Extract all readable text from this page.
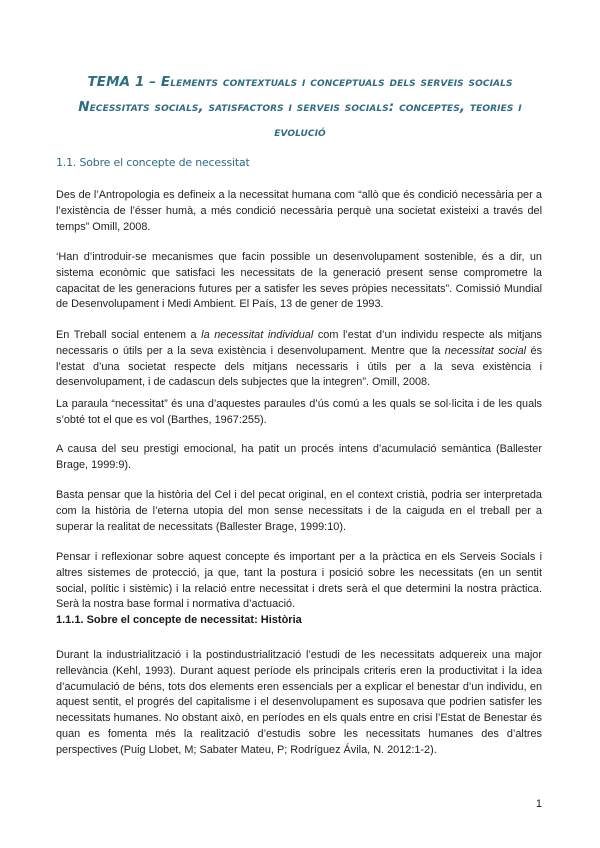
TEMA 1 – Elements contextuals i conceptuals dels serveis socials
Necessitats socials, satisfactors i serveis socials: conceptes, teories i evolució
1.1. Sobre el concepte de necessitat

Des de l’Antropologia es defineix a la necessitat humana com “allò que és condició necessària per a l’existència de l’ésser humà, a més condició necessària perquè una societat existeixi a través del temps” Omill, 2008.

‘Han d’introduir-se mecanismes que facin possible un desenvolupament sostenible, és a dir, un sistema econòmic que satisfaci les necessitats de la generació present sense comprometre la capacitat de les generacions futures per a satisfer les seves pròpies necessitats”. Comissió Mundial de Desenvolupament i Medi Ambient. El País, 13 de gener de 1993.

En Treball social entenem a la necessitat individual com l’estat d’un individu respecte als mitjans necessaris o útils per a la seva existència i desenvolupament. Mentre que la necessitat social és l’estat d’una societat respecte dels mitjans necessaris i útils per a la seva existència i desenvolupament, i de cadascun dels subjectes que la integren”. Omill, 2008.

La paraula “necessitat” és una d’aquestes paraules d’ús comú a les quals se sol·licita i de les quals s’obté tot el que es vol (Barthes, 1967:255).

A causa del seu prestigi emocional, ha patit un procés intens d’acumulació semàntica (Ballester Brage, 1999:9).

Basta pensar que la història del Cel i del pecat original, en el context cristià, podria ser interpretada com la història de l’eterna utopia del mon sense necessitats i de la caiguda en el treball per a superar la realitat de necessitats (Ballester Brage, 1999:10).

Pensar i reflexionar sobre aquest concepte és important per a la pràctica en els Serveis Socials i altres sistemes de protecció, ja que, tant la postura i posició sobre les necessitats (en un sentit social, polític i sistèmic) i la relació entre necessitat i drets serà el que determini la nostra pràctica. Serà la nostra base formal i normativa d’actuació.

1.1.1. Sobre el concepte de necessitat: Història

Durant la industrialització i la postindustrialització l’estudi de les necessitats adquereix una major rellevància (Kehl, 1993). Durant aquest període els principals criteris eren la productivitat i la idea d’acumulació de béns, tots dos elements eren essencials per a explicar el benestar d’un individu, en aquest sentit, el progrés del capitalisme i el desenvolupament es suposava que podrien satisfer les necessitats humanes. No obstant això, en períodes en els quals entre en crisi l’Estat de Benestar és quan es fomenta més la realització d’estudis sobre les necessitats humanes des d’altres perspectives (Puig Llobet, M; Sabater Mateu, P; Rodríguez Ávila, N. 2012:1-2).

1
